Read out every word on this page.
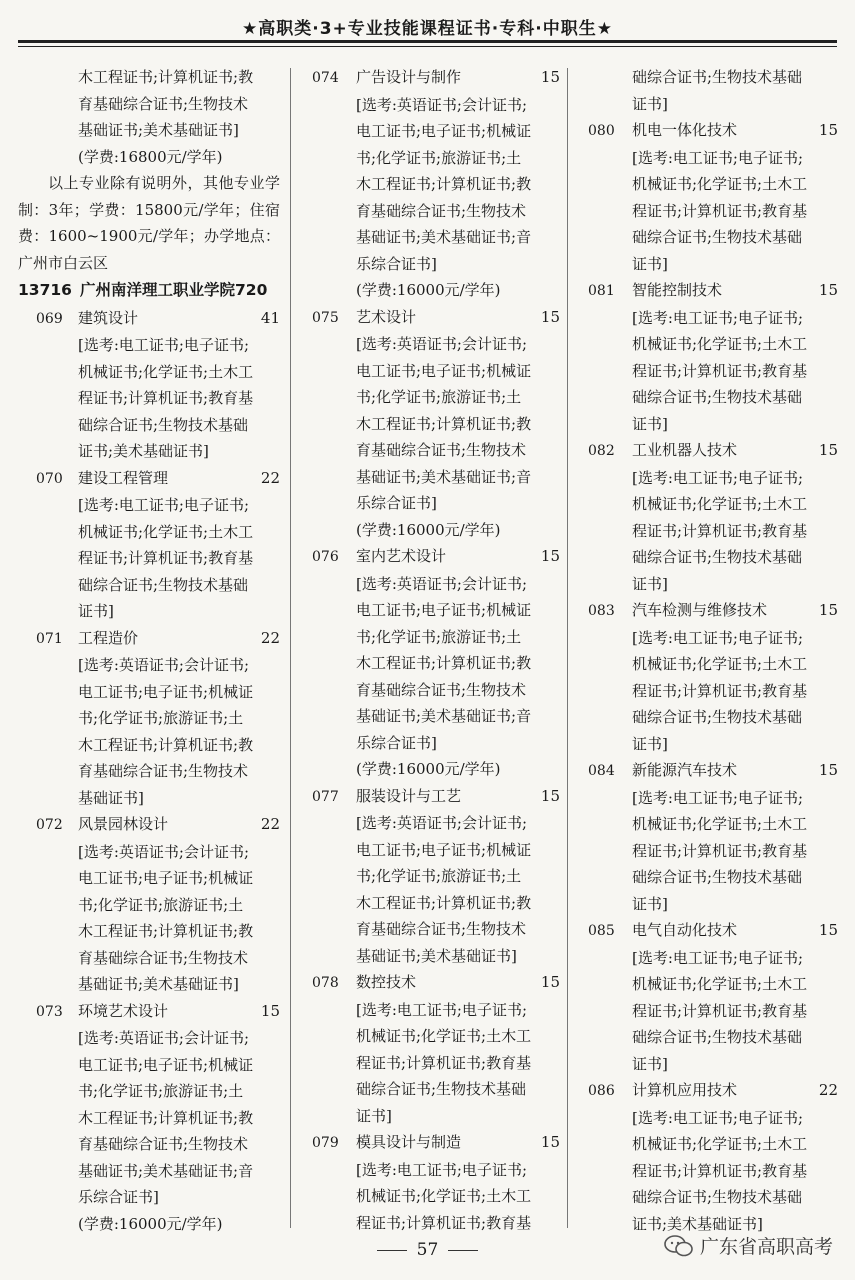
★高职类·3+专业技能课程证书·专科·中职生★
木工程证书;计算机证书;教
育基础综合证书;生物技术
基础证书;美术基础证书]
(学费:16800元/学年)

以上专业除有说明外，其他专业学制：3年；学费：15800元/学年；住宿费：1600~1900元/学年；办学地点：广州市白云区

13716 广州南洋理工职业学院720
069	建筑设计	41
[选考:电工证书;电子证书;
机械证书;化学证书;土木工
程证书;计算机证书;教育基
础综合证书;生物技术基础
证书;美术基础证书]
070	建设工程管理	22
[选考:电工证书;电子证书;
机械证书;化学证书;土木工
程证书;计算机证书;教育基
础综合证书;生物技术基础
证书]
071	工程造价	22
[选考:英语证书;会计证书;
电工证书;电子证书;机械证
书;化学证书;旅游证书;土
木工程证书;计算机证书;教
育基础综合证书;生物技术
基础证书]
072	风景园林设计	22
[选考:英语证书;会计证书;
电工证书;电子证书;机械证
书;化学证书;旅游证书;土
木工程证书;计算机证书;教
育基础综合证书;生物技术
基础证书;美术基础证书]
073	环境艺术设计	15
[选考:英语证书;会计证书;
电工证书;电子证书;机械证
书;化学证书;旅游证书;土
木工程证书;计算机证书;教
育基础综合证书;生物技术
基础证书;美术基础证书;音
乐综合证书]
(学费:16000元/学年)
074	广告设计与制作	15
[选考:英语证书;会计证书;
电工证书;电子证书;机械证
书;化学证书;旅游证书;土
木工程证书;计算机证书;教
育基础综合证书;生物技术
基础证书;美术基础证书;音
乐综合证书]
(学费:16000元/学年)
075	艺术设计	15
[选考:英语证书;会计证书;
电工证书;电子证书;机械证
书;化学证书;旅游证书;土
木工程证书;计算机证书;教
育基础综合证书;生物技术
基础证书;美术基础证书;音
乐综合证书]
(学费:16000元/学年)
076	室内艺术设计	15
[选考:英语证书;会计证书;
电工证书;电子证书;机械证
书;化学证书;旅游证书;土
木工程证书;计算机证书;教
育基础综合证书;生物技术
基础证书;美术基础证书;音
乐综合证书]
(学费:16000元/学年)
077	服装设计与工艺	15
[选考:英语证书;会计证书;
电工证书;电子证书;机械证
书;化学证书;旅游证书;土
木工程证书;计算机证书;教
育基础综合证书;生物技术
基础证书;美术基础证书]
078	数控技术	15
[选考:电工证书;电子证书;
机械证书;化学证书;土木工
程证书;计算机证书;教育基
础综合证书;生物技术基础
证书]
079	模具设计与制造	15
[选考:电工证书;电子证书;
机械证书;化学证书;土木工
程证书;计算机证书;教育基
础综合证书;生物技术基础
证书]
080	机电一体化技术	15
[选考:电工证书;电子证书;
机械证书;化学证书;土木工
程证书;计算机证书;教育基
础综合证书;生物技术基础
证书]
081	智能控制技术	15
[选考:电工证书;电子证书;
机械证书;化学证书;土木工
程证书;计算机证书;教育基
础综合证书;生物技术基础
证书]
082	工业机器人技术	15
[选考:电工证书;电子证书;
机械证书;化学证书;土木工
程证书;计算机证书;教育基
础综合证书;生物技术基础
证书]
083	汽车检测与维修技术	15
[选考:电工证书;电子证书;
机械证书;化学证书;土木工
程证书;计算机证书;教育基
础综合证书;生物技术基础
证书]
084	新能源汽车技术	15
[选考:电工证书;电子证书;
机械证书;化学证书;土木工
程证书;计算机证书;教育基
础综合证书;生物技术基础
证书]
085	电气自动化技术	15
[选考:电工证书;电子证书;
机械证书;化学证书;土木工
程证书;计算机证书;教育基
础综合证书;生物技术基础
证书]
086	计算机应用技术	22
[选考:电工证书;电子证书;
机械证书;化学证书;土木工
程证书;计算机证书;教育基
础综合证书;生物技术基础
证书;美术基础证书]
57	广东省高职高考
